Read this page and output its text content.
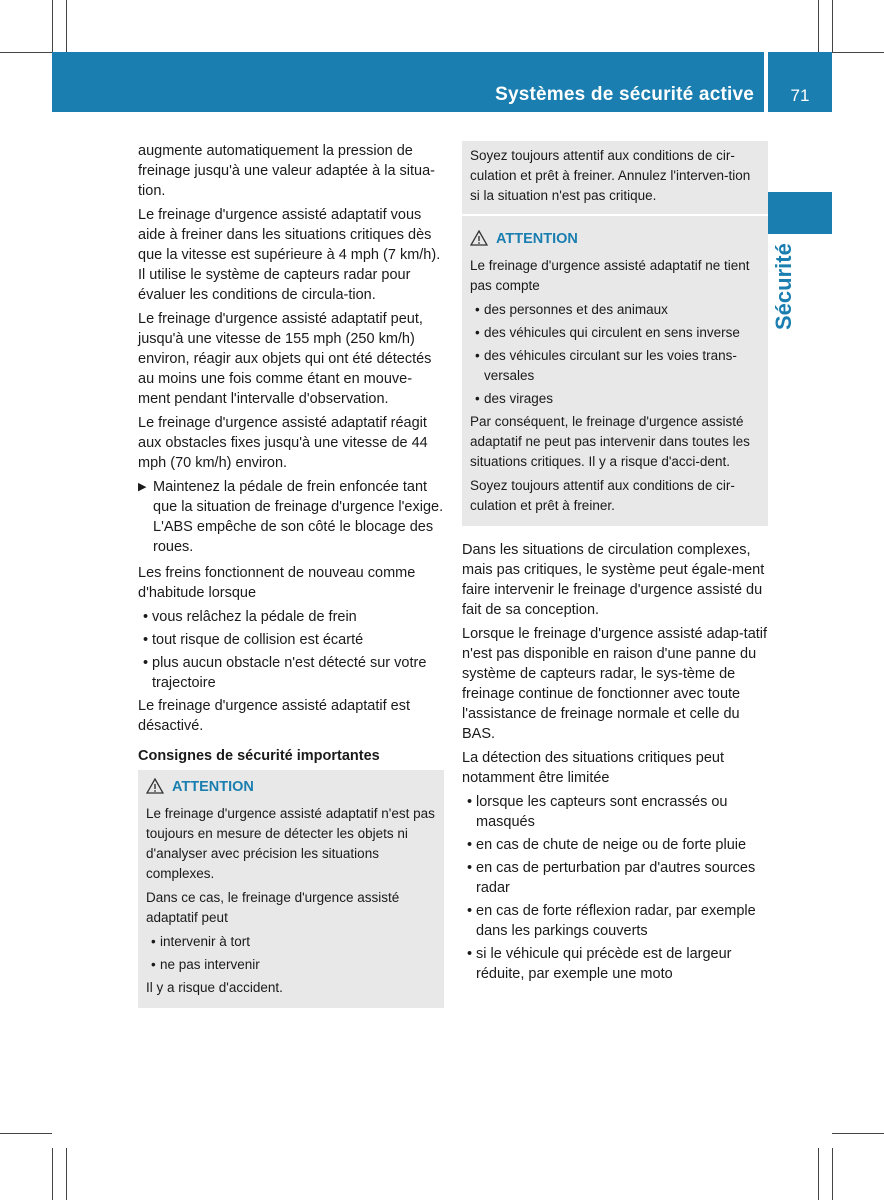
Systèmes de sécurité active	71
Sécurité

augmente automatiquement la pression de freinage jusqu'à une valeur adaptée à la situa-tion.

Le freinage d'urgence assisté adaptatif vous aide à freiner dans les situations critiques dès que la vitesse est supérieure à 4 mph (7 km/h). Il utilise le système de capteurs radar pour évaluer les conditions de circula-tion.

Le freinage d'urgence assisté adaptatif peut, jusqu'à une vitesse de 155 mph (250 km/h) environ, réagir aux objets qui ont été détectés au moins une fois comme étant en mouve-ment pendant l'intervalle d'observation.

Le freinage d'urgence assisté adaptatif réagit aux obstacles fixes jusqu'à une vitesse de 44 mph (70 km/h) environ.

▶ Maintenez la pédale de frein enfoncée tant que la situation de freinage d'urgence l'exige.
L'ABS empêche de son côté le blocage des roues.

Les freins fonctionnent de nouveau comme d'habitude lorsque

• vous relâchez la pédale de frein
• tout risque de collision est écarté
• plus aucun obstacle n'est détecté sur votre trajectoire

Le freinage d'urgence assisté adaptatif est désactivé.

Consignes de sécurité importantes
ATTENTION

Le freinage d'urgence assisté adaptatif n'est pas toujours en mesure de détecter les objets ni d'analyser avec précision les situations complexes.

Dans ce cas, le freinage d'urgence assisté adaptatif peut

• intervenir à tort
• ne pas intervenir

Il y a risque d'accident.

Soyez toujours attentif aux conditions de cir-culation et prêt à freiner. Annulez l'interven-tion si la situation n'est pas critique.
ATTENTION

Le freinage d'urgence assisté adaptatif ne tient pas compte

• des personnes et des animaux
• des véhicules qui circulent en sens inverse
• des véhicules circulant sur les voies trans-versales
• des virages

Par conséquent, le freinage d'urgence assisté adaptatif ne peut pas intervenir dans toutes les situations critiques. Il y a risque d'acci-dent.

Soyez toujours attentif aux conditions de cir-culation et prêt à freiner.

Dans les situations de circulation complexes, mais pas critiques, le système peut égale-ment faire intervenir le freinage d'urgence assisté du fait de sa conception.

Lorsque le freinage d'urgence assisté adap-tatif n'est pas disponible en raison d'une panne du système de capteurs radar, le sys-tème de freinage continue de fonctionner avec toute l'assistance de freinage normale et celle du BAS.

La détection des situations critiques peut notamment être limitée

• lorsque les capteurs sont encrassés ou masqués
• en cas de chute de neige ou de forte pluie
• en cas de perturbation par d'autres sources radar
• en cas de forte réflexion radar, par exemple dans les parkings couverts
• si le véhicule qui précède est de largeur réduite, par exemple une moto
